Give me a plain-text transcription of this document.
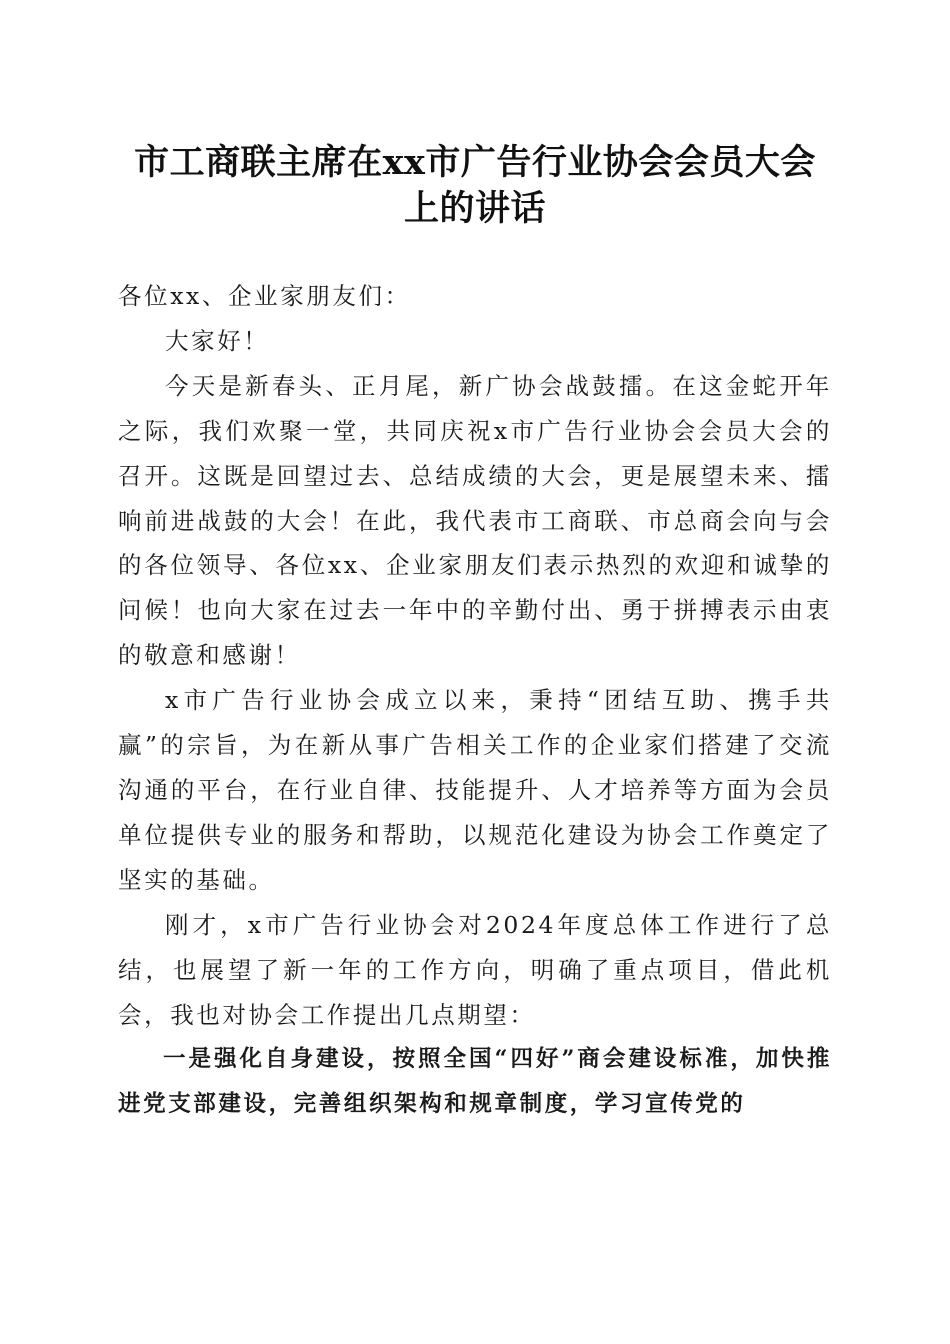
市工商联主席在xx市广告行业协会会员大会
上的讲话

各位xx、企业家朋友们：

大家好！

今天是新春头、正月尾，新广协会战鼓擂。在这金蛇开年之际，我们欢聚一堂，共同庆祝x市广告行业协会会员大会的召开。这既是回望过去、总结成绩的大会，更是展望未来、擂响前进战鼓的大会！在此，我代表市工商联、市总商会向与会的各位领导、各位xx、企业家朋友们表示热烈的欢迎和诚挚的问候！也向大家在过去一年中的辛勤付出、勇于拼搏表示由衷的敬意和感谢！

x市广告行业协会成立以来，秉持“团结互助、携手共赢”的宗旨，为在新从事广告相关工作的企业家们搭建了交流沟通的平台，在行业自律、技能提升、人才培养等方面为会员单位提供专业的服务和帮助，以规范化建设为协会工作奠定了坚实的基础。

刚才，x市广告行业协会对2024年度总体工作进行了总结，也展望了新一年的工作方向，明确了重点项目，借此机会，我也对协会工作提出几点期望：

一是强化自身建设，按照全国“四好”商会建设标准，加快推进党支部建设，完善组织架构和规章制度，学习宣传党的
